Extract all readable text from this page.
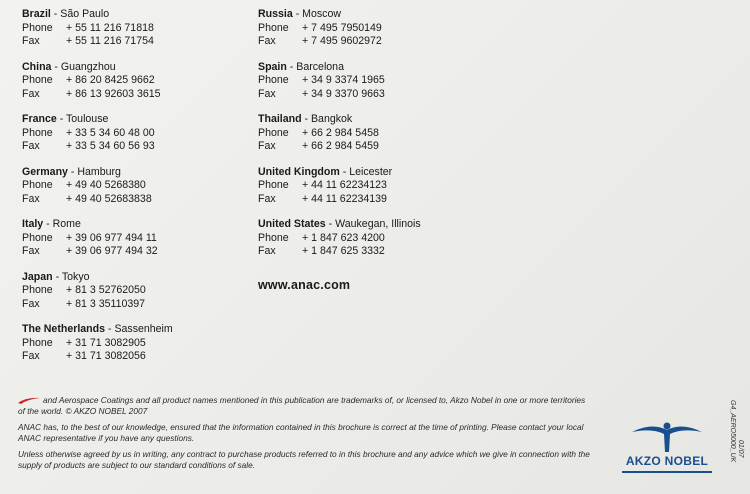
Brazil - São Paulo
Phone	+ 55 11 216 71818
Fax	+ 55 11 216 71754
China - Guangzhou
Phone	+ 86 20 8425 9662
Fax	+ 86 13 92603 3615
France - Toulouse
Phone	+ 33 5 34 60 48 00
Fax	+ 33 5 34 60 56 93
Germany - Hamburg
Phone	+ 49 40 5268380
Fax	+ 49 40 52683838
Italy - Rome
Phone	+ 39 06 977 494 11
Fax	+ 39 06 977 494 32
Japan - Tokyo
Phone	+ 81 3 52762050
Fax	+ 81 3 35110397
The Netherlands - Sassenheim
Phone	+ 31 71 3082905
Fax	+ 31 71 3082056
Russia - Moscow
Phone	+ 7 495 7950149
Fax	+ 7 495 9602972
Spain - Barcelona
Phone	+ 34 9 3374 1965
Fax	+ 34 9 3370 9663
Thailand - Bangkok
Phone	+ 66 2 984 5458
Fax	+ 66 2 984 5459
United Kingdom - Leicester
Phone	+ 44 11 62234123
Fax	+ 44 11 62234139
United States - Waukegan, Illinois
Phone	+ 1 847 623 4200
Fax	+ 1 847 625 3332
www.anac.com

and Aerospace Coatings and all product names mentioned in this publication are trademarks of, or licensed to, Akzo Nobel in one or more territories of the world. © AKZO NOBEL 2007

ANAC has, to the best of our knowledge, ensured that the information contained in this brochure is correct at the time of printing. Please contact your local ANAC representative if you have any questions.

Unless otherwise agreed by us in writing, any contract to purchase products referred to in this brochure and any advice which we give in connection with the supply of products are subject to our standard conditions of sale.	AKZO NOBEL	G4_AERO5000_UK 01/07
